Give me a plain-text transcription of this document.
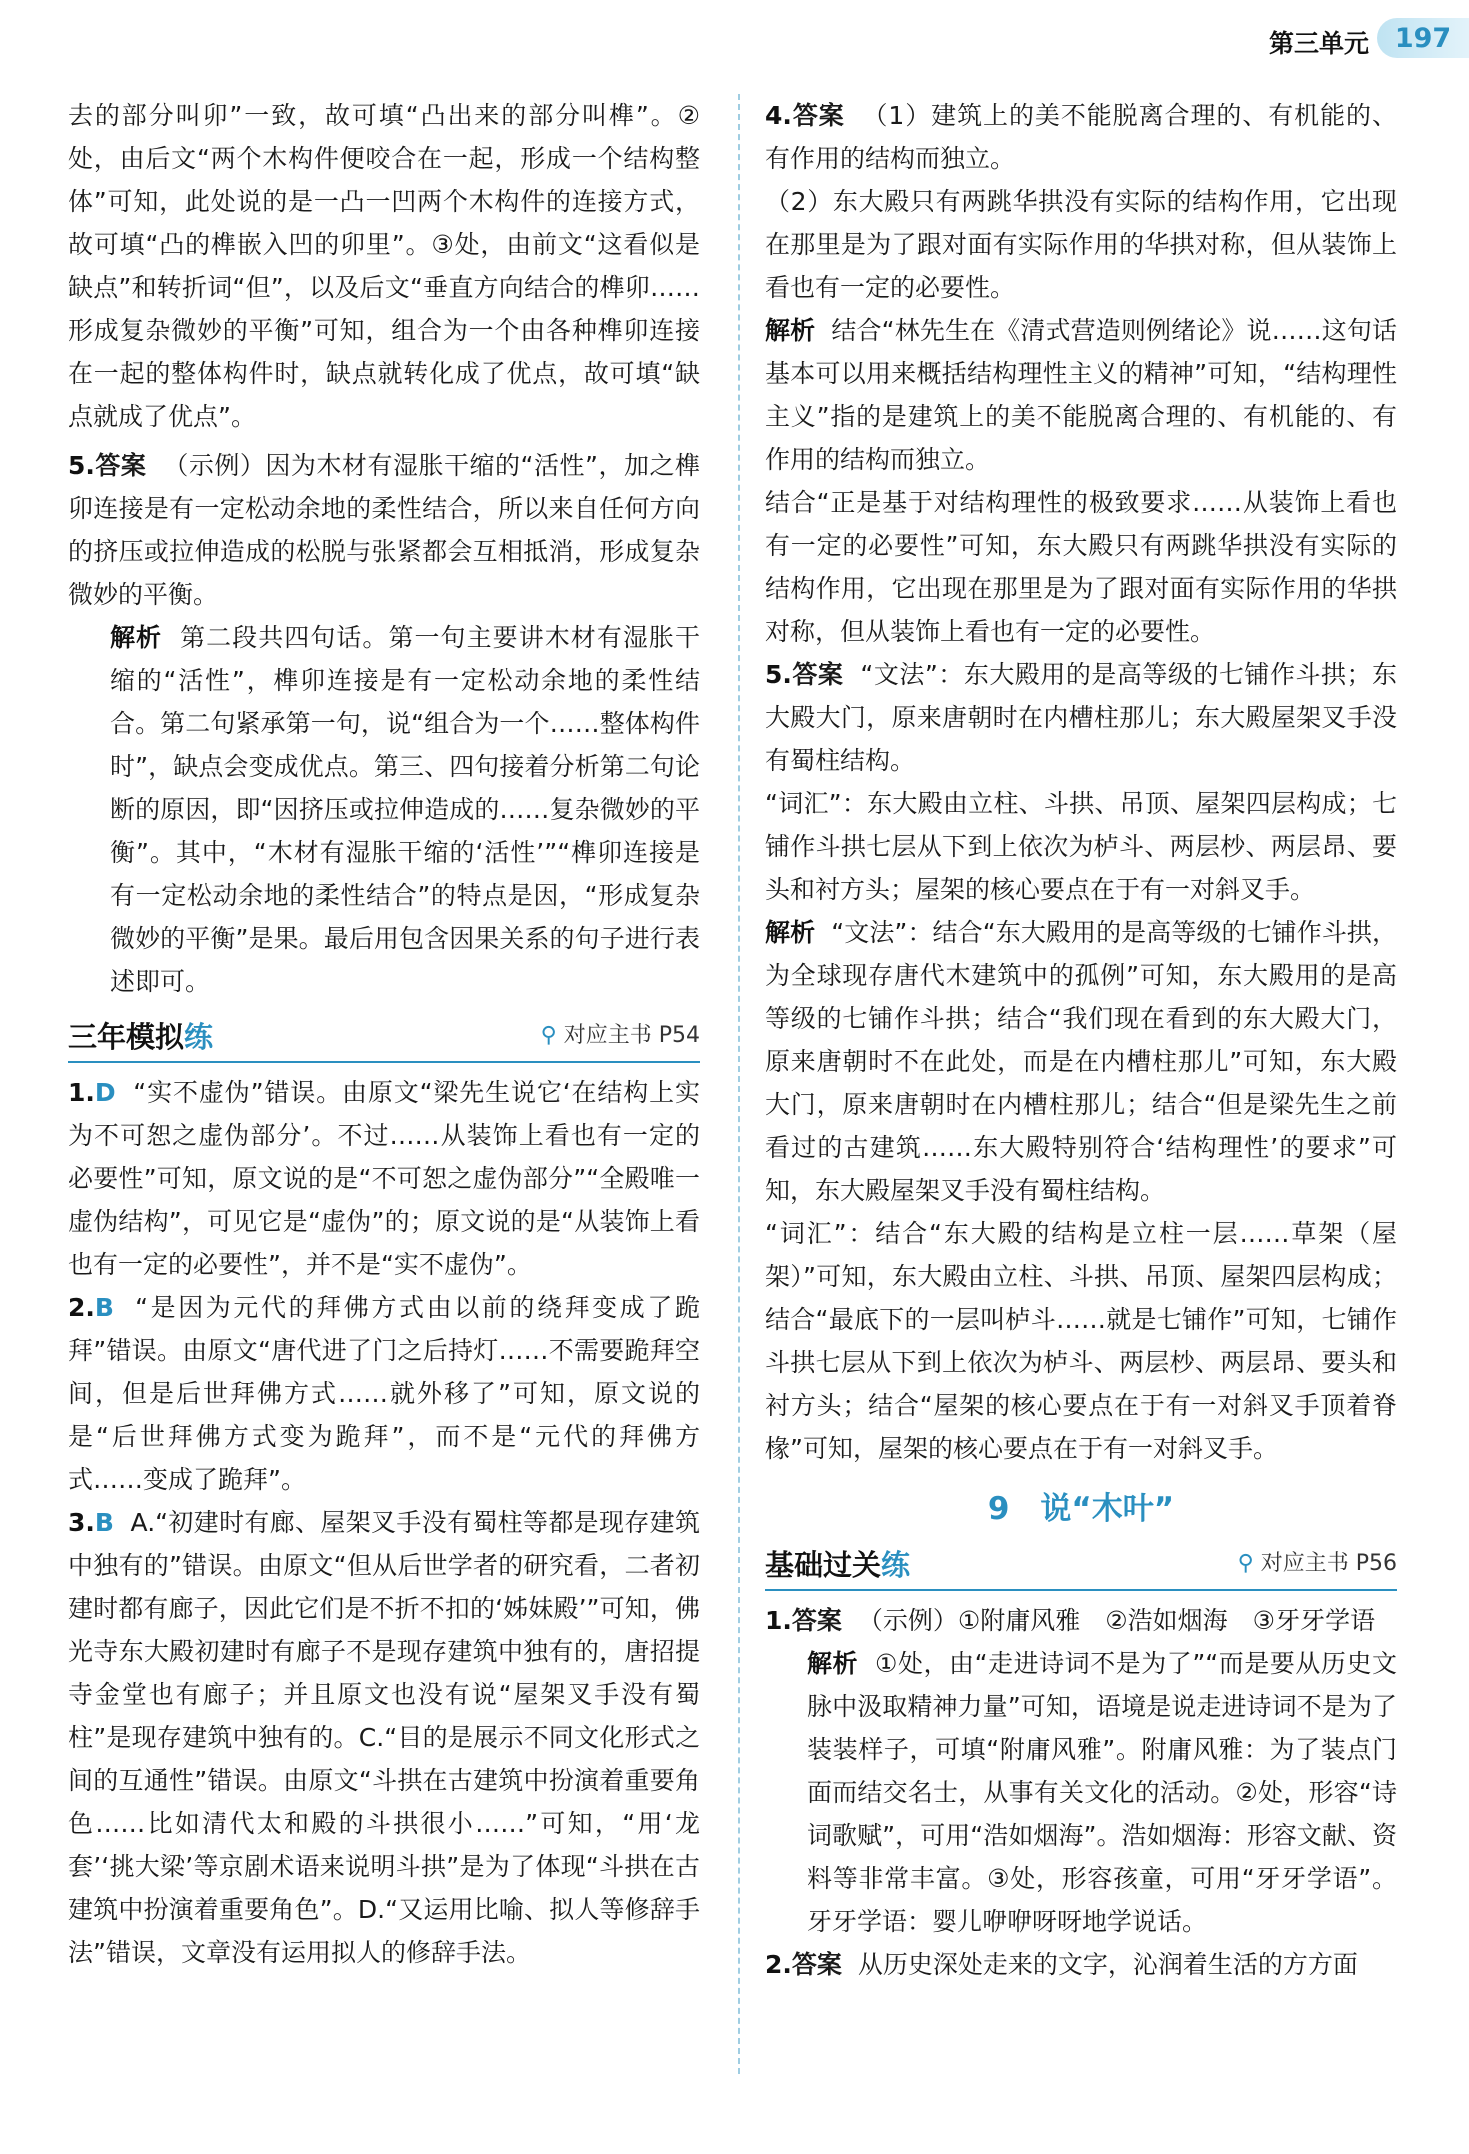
第三单元 197

去的部分叫卯”一致，故可填“凸出来的部分叫榫”。②处，由后文“两个木构件便咬合在一起，形成一个结构整体”可知，此处说的是一凸一凹两个木构件的连接方式，故可填“凸的榫嵌入凹的卯里”。③处，由前文“这看似是缺点”和转折词“但”，以及后文“垂直方向结合的榫卯……形成复杂微妙的平衡”可知，组合为一个由各种榫卯连接在一起的整体构件时，缺点就转化成了优点，故可填“缺点就成了优点”。

5.答案 （示例）因为木材有湿胀干缩的“活性”，加之榫卯连接是有一定松动余地的柔性结合，所以来自任何方向的挤压或拉伸造成的松脱与张紧都会互相抵消，形成复杂微妙的平衡。

解析 第二段共四句话。第一句主要讲木材有湿胀干缩的“活性”，榫卯连接是有一定松动余地的柔性结合。第二句紧承第一句，说“组合为一个……整体构件时”，缺点会变成优点。第三、四句接着分析第二句论断的原因，即“因挤压或拉伸造成的……复杂微妙的平衡”。其中，“木材有湿胀干缩的‘活性’”“榫卯连接是有一定松动余地的柔性结合”的特点是因，“形成复杂微妙的平衡”是果。最后用包含因果关系的句子进行表述即可。

三年模拟练	⚲ 对应主书 P54

1.D “实不虚伪”错误。由原文“梁先生说它‘在结构上实为不可恕之虚伪部分’。不过……从装饰上看也有一定的必要性”可知，原文说的是“不可恕之虚伪部分”“全殿唯一虚伪结构”，可见它是“虚伪”的；原文说的是“从装饰上看也有一定的必要性”，并不是“实不虚伪”。

2.B “是因为元代的拜佛方式由以前的绕拜变成了跪拜”错误。由原文“唐代进了门之后持灯……不需要跪拜空间，但是后世拜佛方式……就外移了”可知，原文说的是“后世拜佛方式变为跪拜”，而不是“元代的拜佛方式……变成了跪拜”。

3.B A.“初建时有廊、屋架叉手没有蜀柱等都是现存建筑中独有的”错误。由原文“但从后世学者的研究看，二者初建时都有廊子，因此它们是不折不扣的‘姊妹殿’”可知，佛光寺东大殿初建时有廊子不是现存建筑中独有的，唐招提寺金堂也有廊子；并且原文也没有说“屋架叉手没有蜀柱”是现存建筑中独有的。C.“目的是展示不同文化形式之间的互通性”错误。由原文“斗拱在古建筑中扮演着重要角色……比如清代太和殿的斗拱很小……”可知，“用‘龙套’‘挑大梁’等京剧术语来说明斗拱”是为了体现“斗拱在古建筑中扮演着重要角色”。D.“又运用比喻、拟人等修辞手法”错误，文章没有运用拟人的修辞手法。

4.答案 （1）建筑上的美不能脱离合理的、有机能的、有作用的结构而独立。

（2）东大殿只有两跳华拱没有实际的结构作用，它出现在那里是为了跟对面有实际作用的华拱对称，但从装饰上看也有一定的必要性。

解析 结合“林先生在《清式营造则例绪论》说……这句话基本可以用来概括结构理性主义的精神”可知，“结构理性主义”指的是建筑上的美不能脱离合理的、有机能的、有作用的结构而独立。

结合“正是基于对结构理性的极致要求……从装饰上看也有一定的必要性”可知，东大殿只有两跳华拱没有实际的结构作用，它出现在那里是为了跟对面有实际作用的华拱对称，但从装饰上看也有一定的必要性。

5.答案 “文法”：东大殿用的是高等级的七铺作斗拱；东大殿大门，原来唐朝时在内槽柱那儿；东大殿屋架叉手没有蜀柱结构。

“词汇”：东大殿由立柱、斗拱、吊顶、屋架四层构成；七铺作斗拱七层从下到上依次为栌斗、两层杪、两层昂、要头和衬方头；屋架的核心要点在于有一对斜叉手。

解析 “文法”：结合“东大殿用的是高等级的七铺作斗拱，为全球现存唐代木建筑中的孤例”可知，东大殿用的是高等级的七铺作斗拱；结合“我们现在看到的东大殿大门，原来唐朝时不在此处，而是在内槽柱那儿”可知，东大殿大门，原来唐朝时在内槽柱那儿；结合“但是梁先生之前看过的古建筑……东大殿特别符合‘结构理性’的要求”可知，东大殿屋架叉手没有蜀柱结构。

“词汇”：结合“东大殿的结构是立柱一层……草架（屋架）”可知，东大殿由立柱、斗拱、吊顶、屋架四层构成；结合“最底下的一层叫栌斗……就是七铺作”可知，七铺作斗拱七层从下到上依次为栌斗、两层杪、两层昂、要头和衬方头；结合“屋架的核心要点在于有一对斜叉手顶着脊椽”可知，屋架的核心要点在于有一对斜叉手。

9　说“木叶”
基础过关练	⚲ 对应主书 P56

1.答案 （示例）①附庸风雅　②浩如烟海　③牙牙学语

解析 ①处，由“走进诗词不是为了”“而是要从历史文脉中汲取精神力量”可知，语境是说走进诗词不是为了装装样子，可填“附庸风雅”。附庸风雅：为了装点门面而结交名士，从事有关文化的活动。②处，形容“诗词歌赋”，可用“浩如烟海”。浩如烟海：形容文献、资料等非常丰富。③处，形容孩童，可用“牙牙学语”。牙牙学语：婴儿咿咿呀呀地学说话。

2.答案 从历史深处走来的文字，沁润着生活的方方面
